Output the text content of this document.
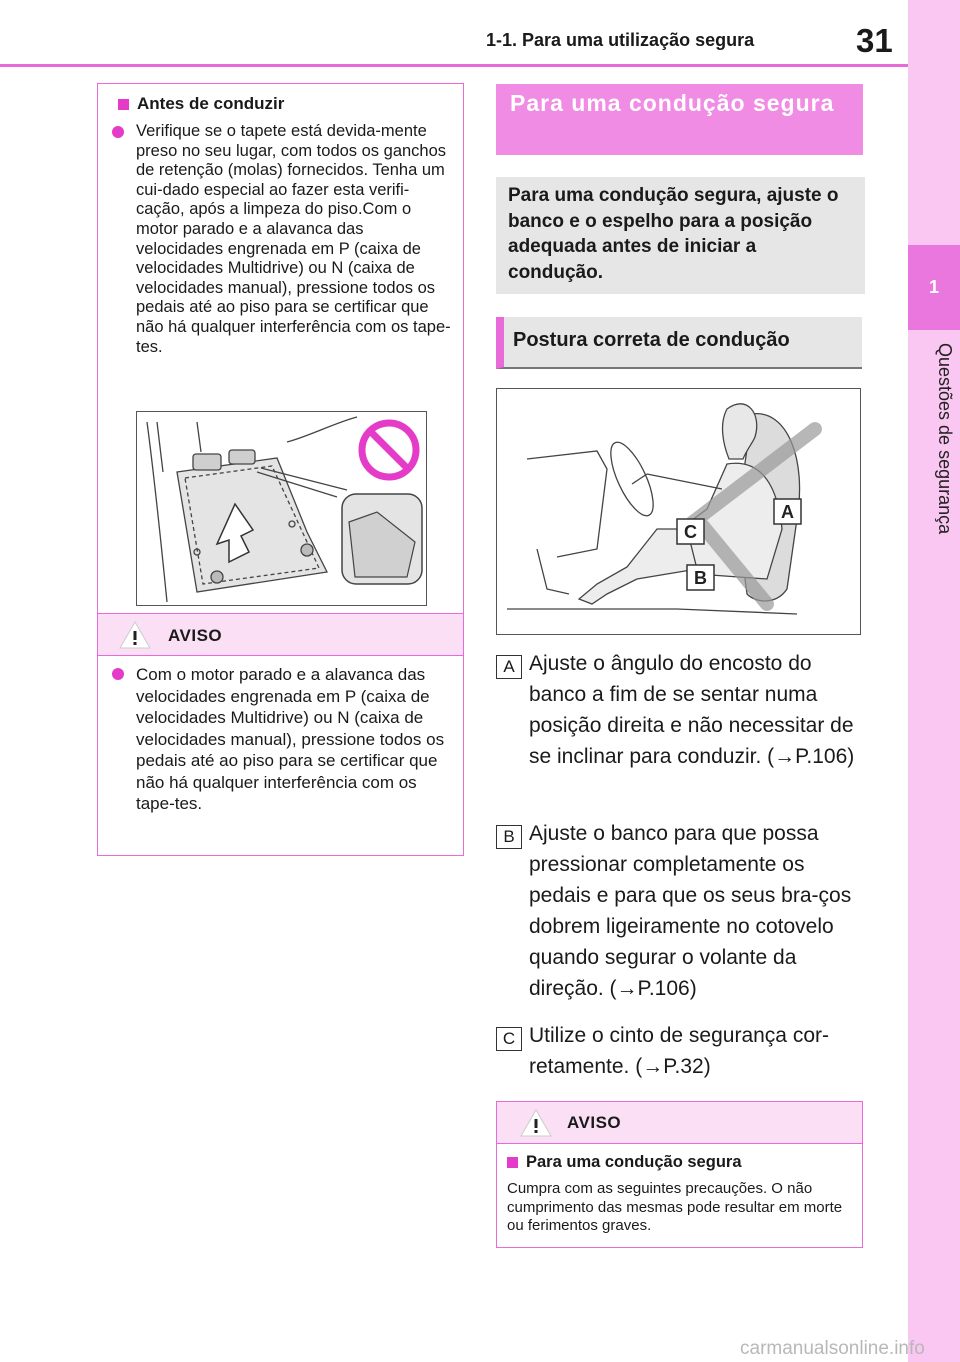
1-1. Para uma utilização segura	31
1
Questões de segurança
Antes de conduzir
Verifique se o tapete está devida-mente preso no seu lugar, com todos os ganchos de retenção (molas) fornecidos. Tenha um cui-dado especial ao fazer esta verifi-cação, após a limpeza do piso.Com o motor parado e a alavanca das velocidades engrenada em P (caixa de velocidades Multidrive) ou N (caixa de velocidades manual), pressione todos os pedais até ao piso para se certificar que não há qualquer interferência com os tape-tes.
AVISO
Com o motor parado e a alavanca das velocidades engrenada em P (caixa de velocidades Multidrive) ou N (caixa de velocidades manual), pressione todos os pedais até ao piso para se certificar que não há qualquer interferência com os tape-tes.
Para uma condução segura
Para uma condução segura, ajuste o banco e o espelho para a posição adequada antes de iniciar a condução.
Postura correta de condução
A
C
B
A Ajuste o ângulo do encosto do banco a fim de se sentar numa posição direita e não necessitar de se inclinar para conduzir. (→P.106)
B Ajuste o banco para que possa pressionar completamente os pedais e para que os seus bra-ços dobrem ligeiramente no cotovelo quando segurar o volante da direção. (→P.106)
C Utilize o cinto de segurança cor-retamente. (→P.32)
AVISO
Para uma condução segura
Cumpra com as seguintes precauções. O não cumprimento das mesmas pode resultar em morte ou ferimentos graves.
carmanualsonline.info
